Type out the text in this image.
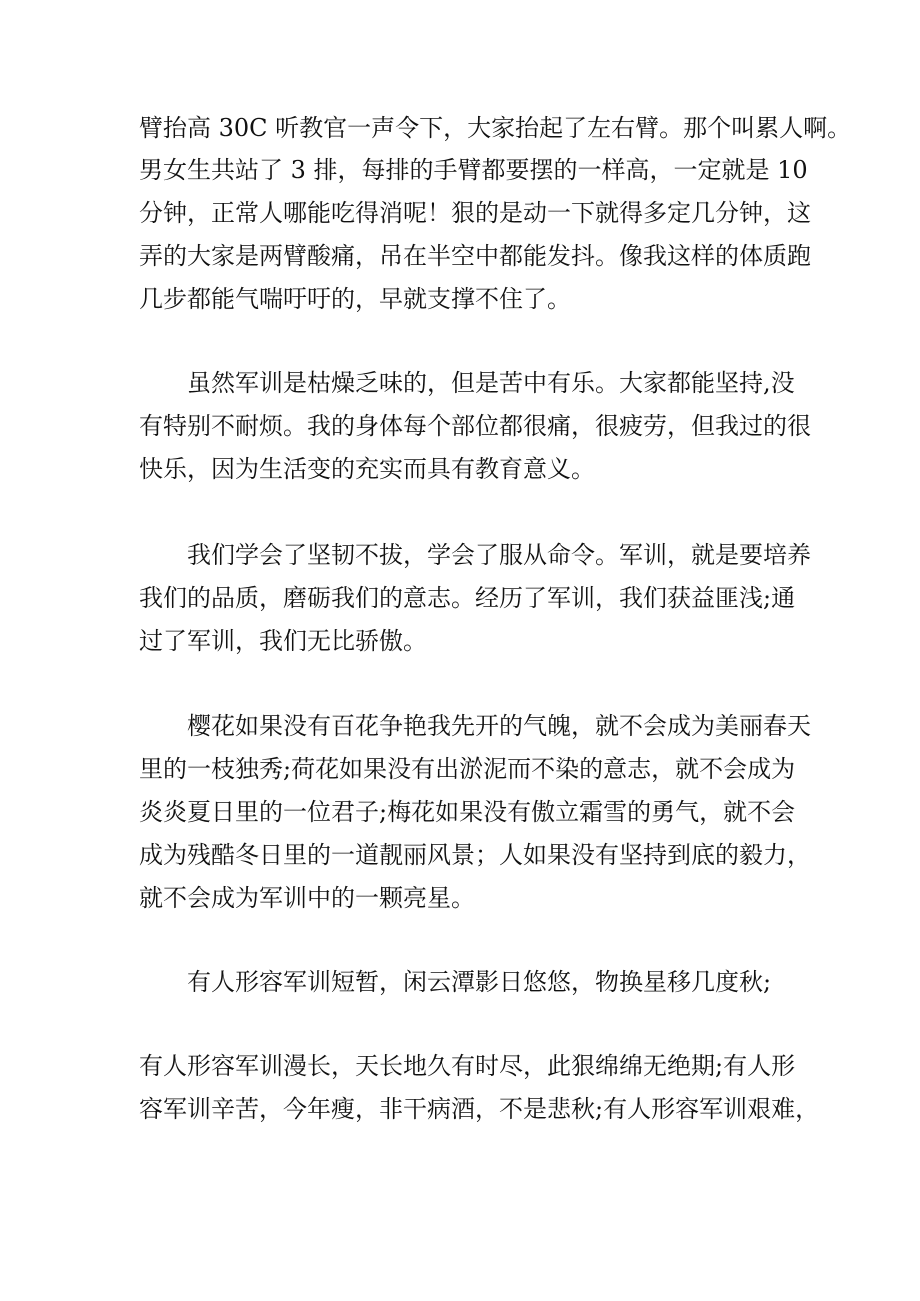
臂抬高 30C 听教官一声令下，大家抬起了左右臂。那个叫累人啊。
男女生共站了 3 排，每排的手臂都要摆的一样高，一定就是 10
分钟，正常人哪能吃得消呢！狠的是动一下就得多定几分钟，这
弄的大家是两臂酸痛，吊在半空中都能发抖。像我这样的体质跑
几步都能气喘吁吁的，早就支撑不住了。
虽然军训是枯燥乏味的，但是苦中有乐。大家都能坚持,没
有特别不耐烦。我的身体每个部位都很痛，很疲劳，但我过的很
快乐，因为生活变的充实而具有教育意义。
我们学会了坚韧不拔，学会了服从命令。军训，就是要培养
我们的品质，磨砺我们的意志。经历了军训，我们获益匪浅;通
过了军训，我们无比骄傲。
樱花如果没有百花争艳我先开的气魄，就不会成为美丽春天
里的一枝独秀;荷花如果没有出淤泥而不染的意志，就不会成为
炎炎夏日里的一位君子;梅花如果没有傲立霜雪的勇气，就不会
成为残酷冬日里的一道靓丽风景；人如果没有坚持到底的毅力，
就不会成为军训中的一颗亮星。
有人形容军训短暂，闲云潭影日悠悠，物换星移几度秋;
有人形容军训漫长，天长地久有时尽，此狠绵绵无绝期;有人形
容军训辛苦，今年瘦，非干病酒，不是悲秋;有人形容军训艰难，
